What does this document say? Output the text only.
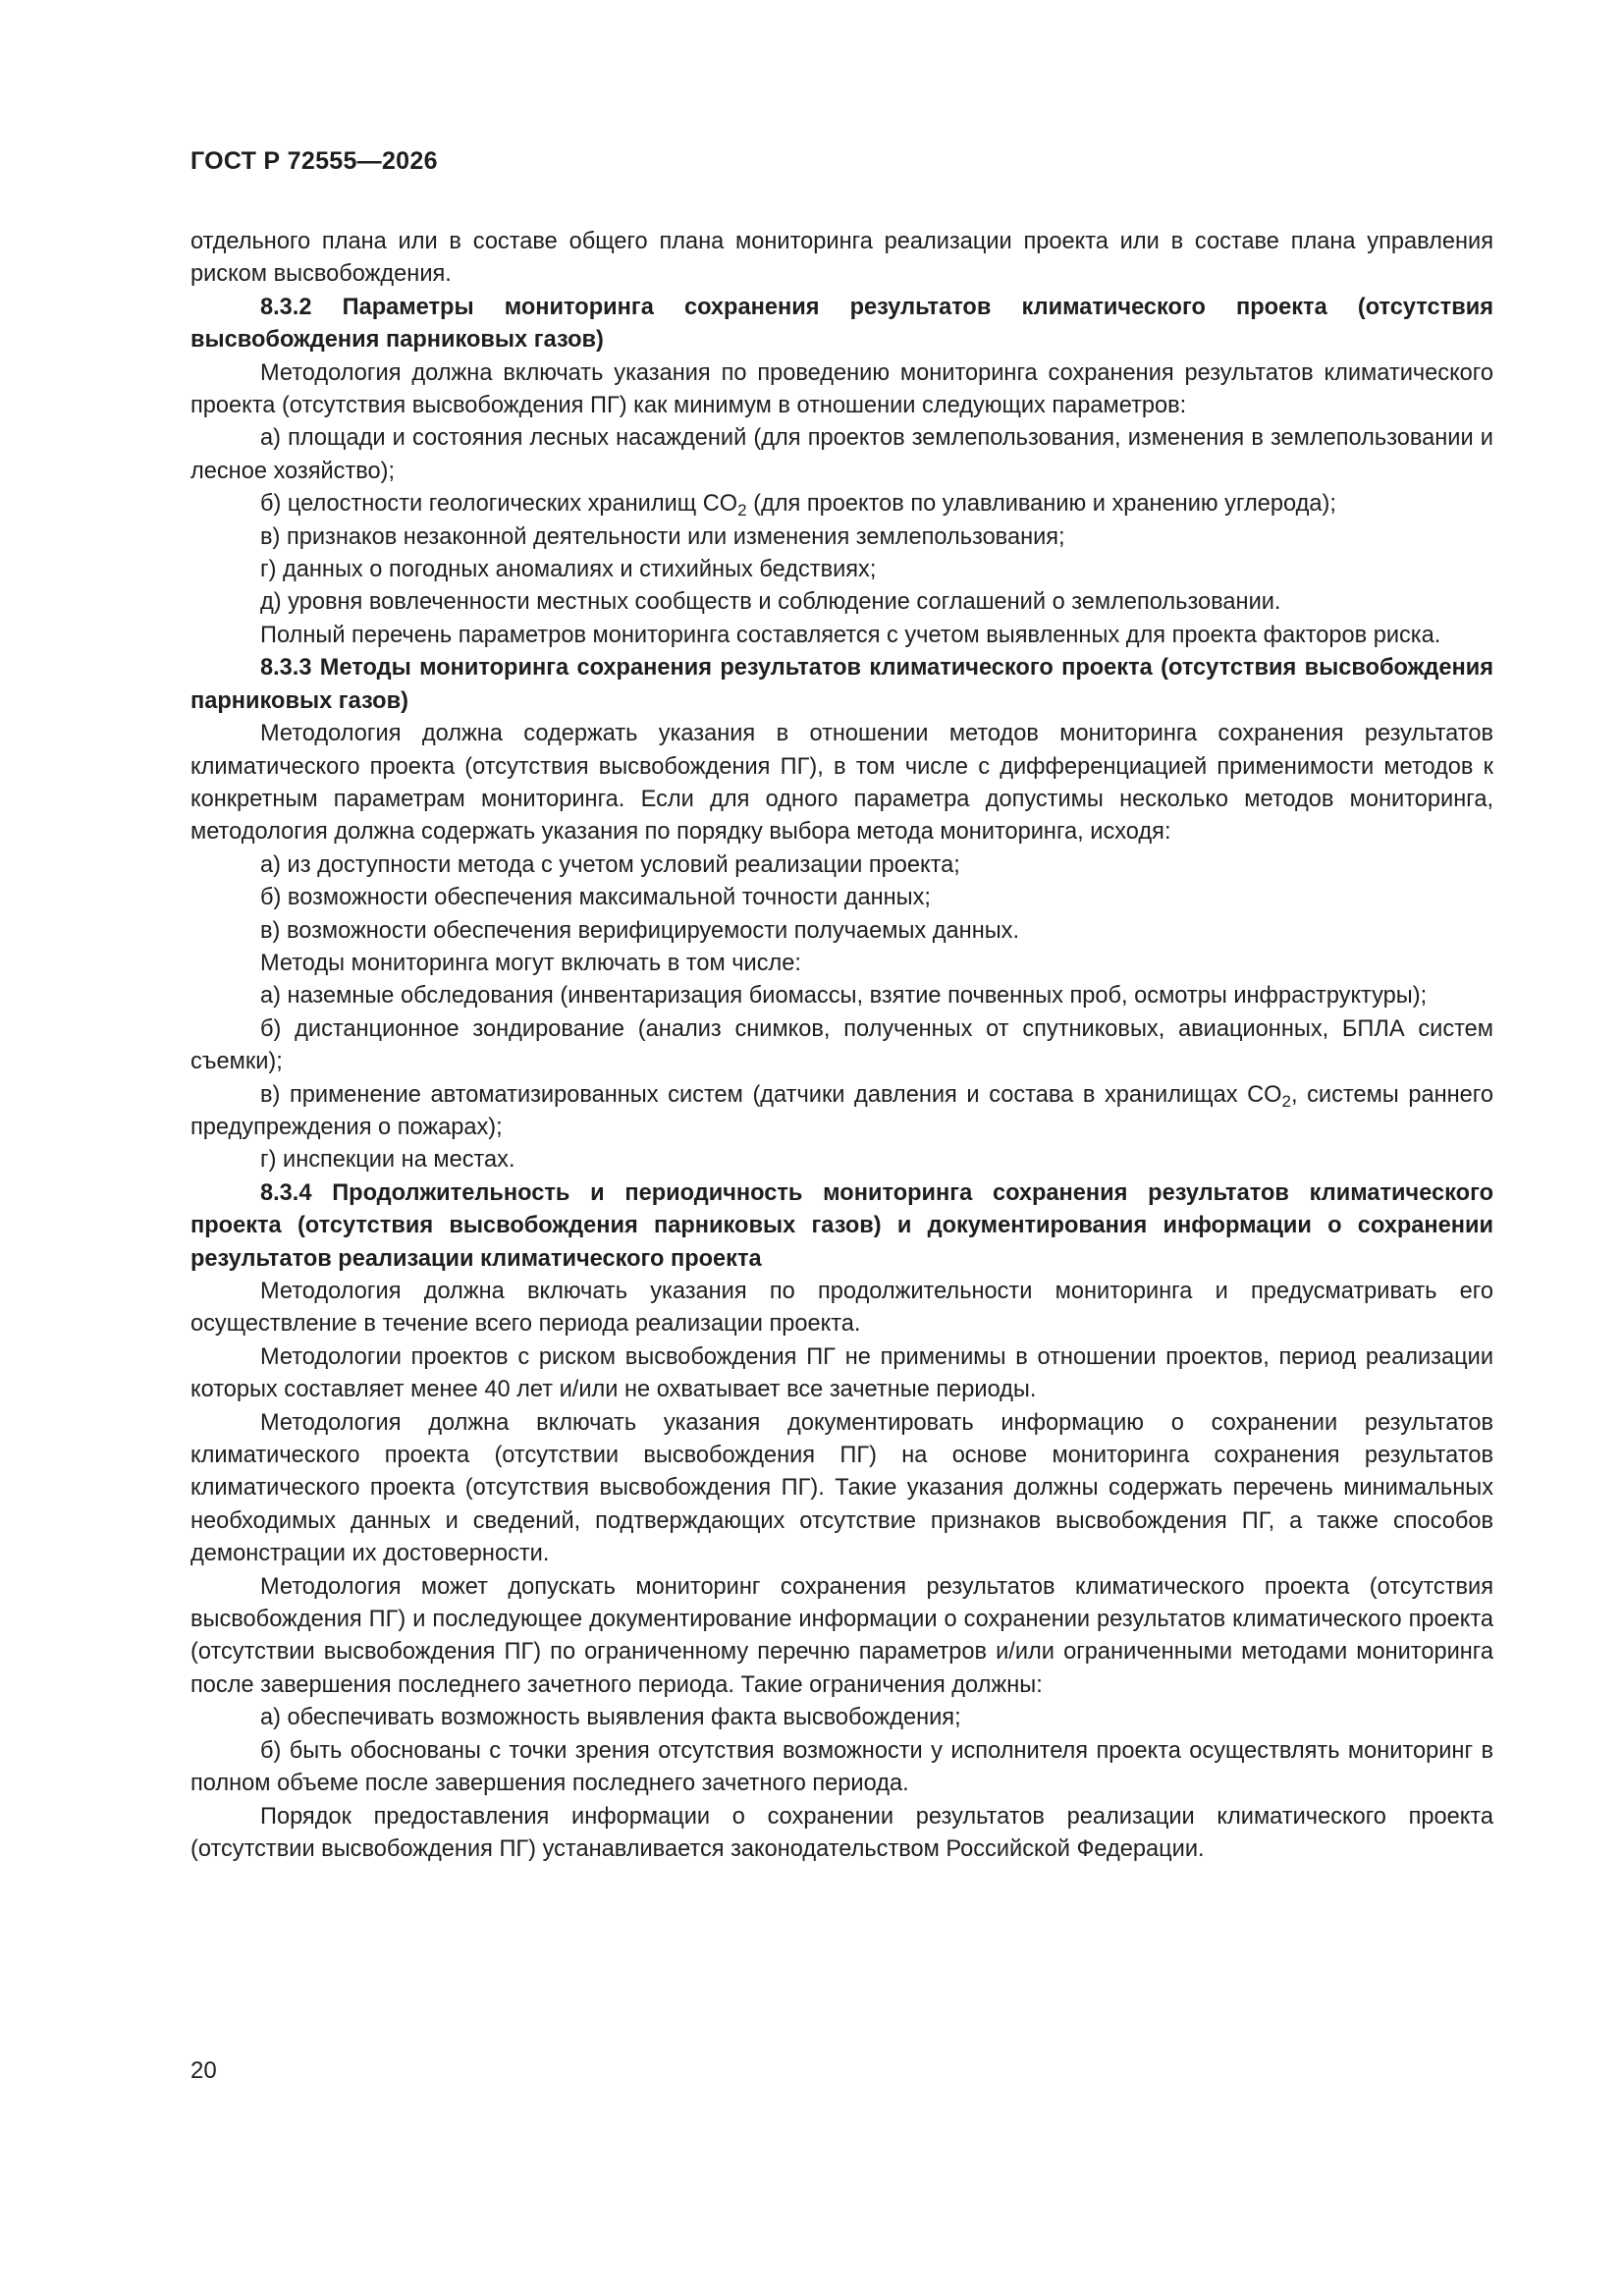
ГОСТ Р 72555—2026

отдельного плана или в составе общего плана мониторинга реализации проекта или в составе плана управления риском высвобождения.

8.3.2 Параметры мониторинга сохранения результатов климатического проекта (отсутствия высвобождения парниковых газов)

Методология должна включать указания по проведению мониторинга сохранения результатов климатического проекта (отсутствия высвобождения ПГ) как минимум в отношении следующих параметров:

а) площади и состояния лесных насаждений (для проектов землепользования, изменения в землепользовании и лесное хозяйство);

б) целостности геологических хранилищ $CO_2$ (для проектов по улавливанию и хранению углерода);

в) признаков незаконной деятельности или изменения землепользования;

г) данных о погодных аномалиях и стихийных бедствиях;

д) уровня вовлеченности местных сообществ и соблюдение соглашений о землепользовании.

Полный перечень параметров мониторинга составляется с учетом выявленных для проекта факторов риска.

8.3.3 Методы мониторинга сохранения результатов климатического проекта (отсутствия высвобождения парниковых газов)

Методология должна содержать указания в отношении методов мониторинга сохранения результатов климатического проекта (отсутствия высвобождения ПГ), в том числе с дифференциацией применимости методов к конкретным параметрам мониторинга. Если для одного параметра допустимы несколько методов мониторинга, методология должна содержать указания по порядку выбора метода мониторинга, исходя:

а) из доступности метода с учетом условий реализации проекта;

б) возможности обеспечения максимальной точности данных;

в) возможности обеспечения верифицируемости получаемых данных.

Методы мониторинга могут включать в том числе:

а) наземные обследования (инвентаризация биомассы, взятие почвенных проб, осмотры инфраструктуры);

б) дистанционное зондирование (анализ снимков, полученных от спутниковых, авиационных, БПЛА систем съемки);

в) применение автоматизированных систем (датчики давления и состава в хранилищах $CO_2$, системы раннего предупреждения о пожарах);

г) инспекции на местах.

8.3.4 Продолжительность и периодичность мониторинга сохранения результатов климатического проекта (отсутствия высвобождения парниковых газов) и документирования информации о сохранении результатов реализации климатического проекта

Методология должна включать указания по продолжительности мониторинга и предусматривать его осуществление в течение всего периода реализации проекта.

Методологии проектов с риском высвобождения ПГ не применимы в отношении проектов, период реализации которых составляет менее 40 лет и/или не охватывает все зачетные периоды.

Методология должна включать указания документировать информацию о сохранении результатов климатического проекта (отсутствии высвобождения ПГ) на основе мониторинга сохранения результатов климатического проекта (отсутствия высвобождения ПГ). Такие указания должны содержать перечень минимальных необходимых данных и сведений, подтверждающих отсутствие признаков высвобождения ПГ, а также способов демонстрации их достоверности.

Методология может допускать мониторинг сохранения результатов климатического проекта (отсутствия высвобождения ПГ) и последующее документирование информации о сохранении результатов климатического проекта (отсутствии высвобождения ПГ) по ограниченному перечню параметров и/или ограниченными методами мониторинга после завершения последнего зачетного периода. Такие ограничения должны:

а) обеспечивать возможность выявления факта высвобождения;

б) быть обоснованы с точки зрения отсутствия возможности у исполнителя проекта осуществлять мониторинг в полном объеме после завершения последнего зачетного периода.

Порядок предоставления информации о сохранении результатов реализации климатического проекта (отсутствии высвобождения ПГ) устанавливается законодательством Российской Федерации.

20
